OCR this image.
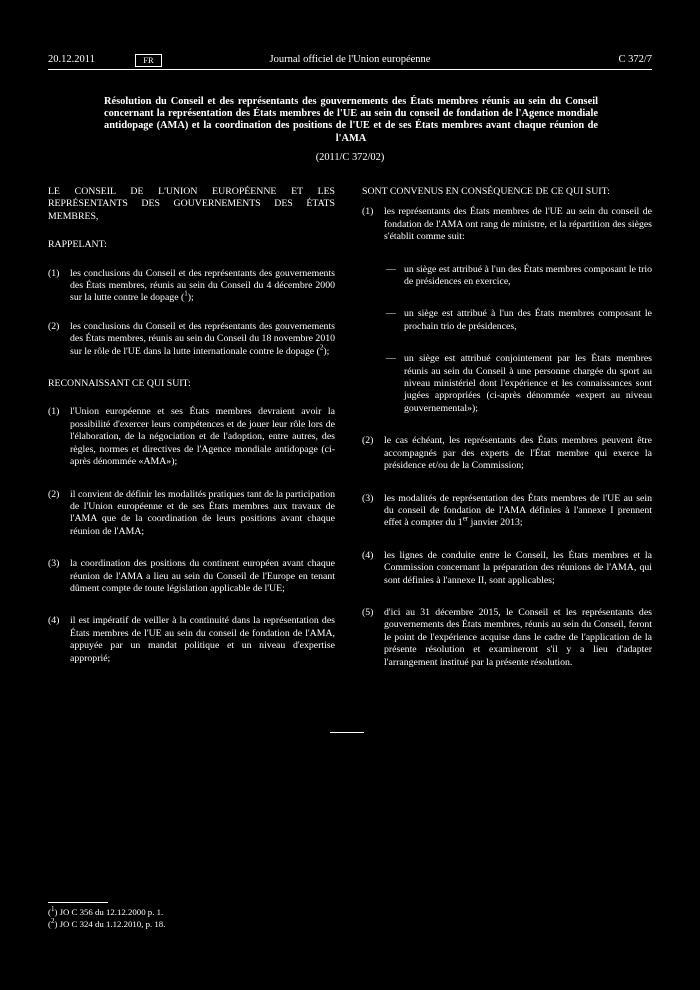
20.12.2011	FR	Journal officiel de l'Union européenne	C 372/7
Résolution du Conseil et des représentants des gouvernements des États membres réunis au sein du Conseil concernant la représentation des États membres de l'UE au sein du conseil de fondation de l'Agence mondiale antidopage (AMA) et la coordination des positions de l'UE et de ses États membres avant chaque réunion de l'AMA
(2011/C 372/02)

LE CONSEIL DE L'UNION EUROPÉENNE ET LES REPRÉSENTANTS DES GOUVERNEMENTS DES ÉTATS MEMBRES,

RAPPELANT:

(1)	les conclusions du Conseil et des représentants des gouvernements des États membres, réunis au sein du Conseil du 4 décembre 2000 sur la lutte contre le dopage ($^1$);
(2)	les conclusions du Conseil et des représentants des gouvernements des États membres, réunis au sein du Conseil du 18 novembre 2010 sur le rôle de l'UE dans la lutte internationale contre le dopage ($^2$);

RECONNAISSANT CE QUI SUIT:

(1)	l'Union européenne et ses États membres devraient avoir la possibilité d'exercer leurs compétences et de jouer leur rôle lors de l'élaboration, de la négociation et de l'adoption, entre autres, des règles, normes et directives de l'Agence mondiale antidopage (ci-après dénommée «AMA»);
(2)	il convient de définir les modalités pratiques tant de la participation de l'Union européenne et de ses États membres aux travaux de l'AMA que de la coordination de leurs positions avant chaque réunion de l'AMA;
(3)	la coordination des positions du continent européen avant chaque réunion de l'AMA a lieu au sein du Conseil de l'Europe en tenant dûment compte de toute législation applicable de l'UE;
(4)	il est impératif de veiller à la continuité dans la représentation des États membres de l'UE au sein du conseil de fondation de l'AMA, appuyée par un mandat politique et un niveau d'expertise approprié;

SONT CONVENUS EN CONSÉQUENCE DE CE QUI SUIT:

(1)	les représentants des États membres de l'UE au sein du conseil de fondation de l'AMA ont rang de ministre, et la répartition des sièges s'établit comme suit:
— un siège est attribué à l'un des États membres composant le trio de présidences en exercice,
— un siège est attribué à l'un des États membres composant le prochain trio de présidences,
— un siège est attribué conjointement par les États membres réunis au sein du Conseil à une personne chargée du sport au niveau ministériel dont l'expérience et les connaissances sont jugées appropriées (ci-après dénommée «expert au niveau gouvernemental»);
(2)	le cas échéant, les représentants des États membres peuvent être accompagnés par des experts de l'État membre qui exerce la présidence et/ou de la Commission;
(3)	les modalités de représentation des États membres de l'UE au sein du conseil de fondation de l'AMA définies à l'annexe I prennent effet à compter du 1er janvier 2013;
(4)	les lignes de conduite entre le Conseil, les États membres et la Commission concernant la préparation des réunions de l'AMA, qui sont définies à l'annexe II, sont applicables;
(5)	d'ici au 31 décembre 2015, le Conseil et les représentants des gouvernements des États membres, réunis au sein du Conseil, feront le point de l'expérience acquise dans le cadre de l'application de la présente résolution et examineront s'il y a lieu d'adapter l'arrangement institué par la présente résolution.
($^1$) JO C 356 du 12.12.2000 p. 1.
($^2$) JO C 324 du 1.12.2010, p. 18.
